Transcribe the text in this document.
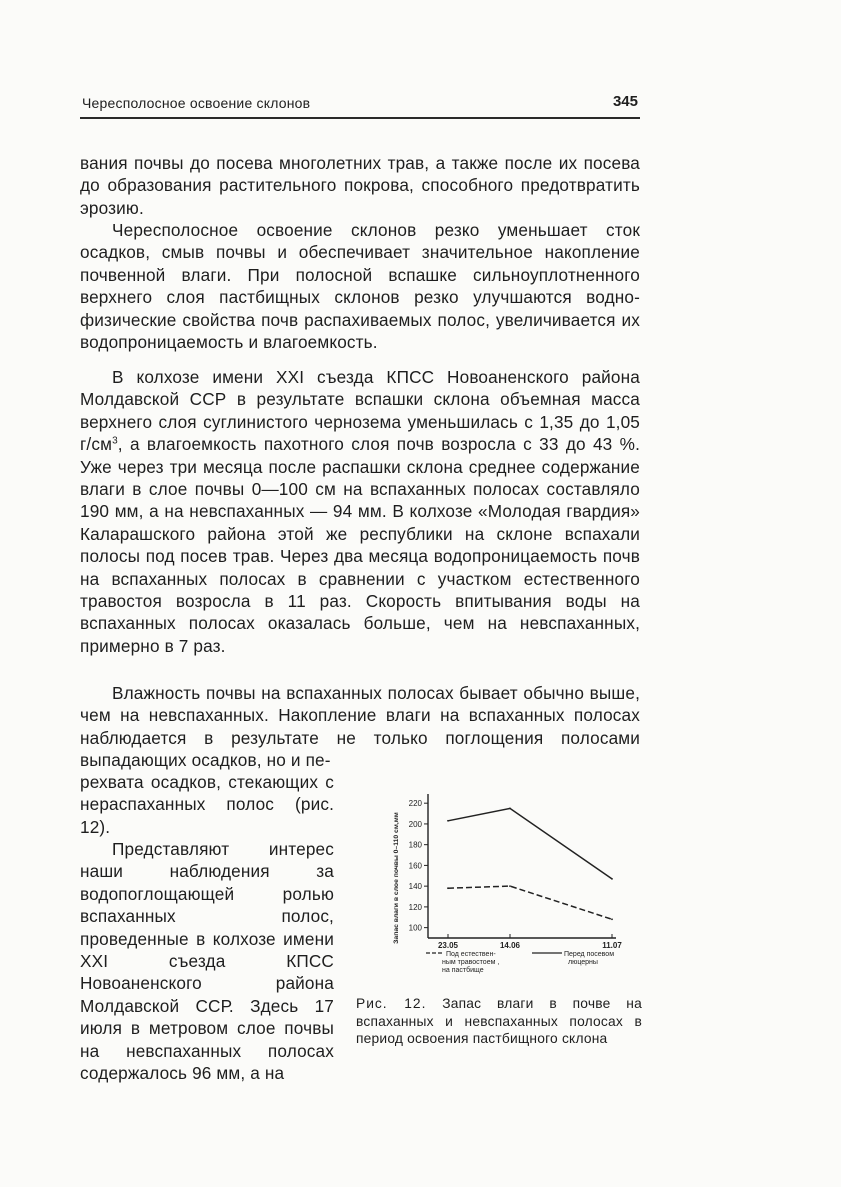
Чересполосное освоение склонов	345

вания почвы до посева многолетних трав, а также после их посева до образования растительного покрова, способного предотвратить эрозию.

Чересполосное освоение склонов резко уменьшает сток осадков, смыв почвы и обеспечивает значительное накопление почвенной влаги. При полосной вспашке сильноуплотненного верхнего слоя пастбищных склонов резко улучшаются водно-физические свойства почв распахиваемых полос, увеличивается их водопроницаемость и влагоемкость.

В колхозе имени XXI съезда КПСС Новоаненского района Молдавской ССР в результате вспашки склона объемная масса верхнего слоя суглинистого чернозема уменьшилась с 1,35 до 1,05 $г/см^3$, а влагоемкость пахотного слоя почв возросла с 33 до 43 %. Уже через три месяца после распашки склона среднее содержание влаги в слое почвы 0—100 см на вспаханных полосах составляло 190 мм, а на невспаханных — 94 мм. В колхозе «Молодая гвардия» Каларашского района этой же республики на склоне вспахали полосы под посев трав. Через два месяца водопроницаемость почв на вспаханных полосах в сравнении с участком естественного травостоя возросла в 11 раз. Скорость впитывания воды на вспаханных полосах оказалась больше, чем на невспаханных, примерно в 7 раз.

Влажность почвы на вспаханных полосах бывает обычно выше, чем на невспаханных. Накопление влаги на вспаханных полосах наблюдается в результате не только поглощения полосами выпадающих осадков, но и пе-

рехвата осадков, стекающих с нераспаханных полос (рис. 12).

Представляют интерес наши наблюдения за водопоглощающей ролью вспаханных полос, проведенные в колхозе имени XXI съезда КПСС Новоаненского района Молдавской ССР. Здесь 17 июля в метровом слое почвы на невспаханных полосах содержалось 96 мм, а на

100
120
140
160
180
200
220
23.05	14.06	11.07
Запас влаги в слое почвы 0–110 см,мм
Под естествен-
ным травостоем ,
на пастбище
Перед посевом
люцерны
Рис. 12. Запас влаги в почве на вспаханных и невспаханных полосах в период освоения пастбищного склона
